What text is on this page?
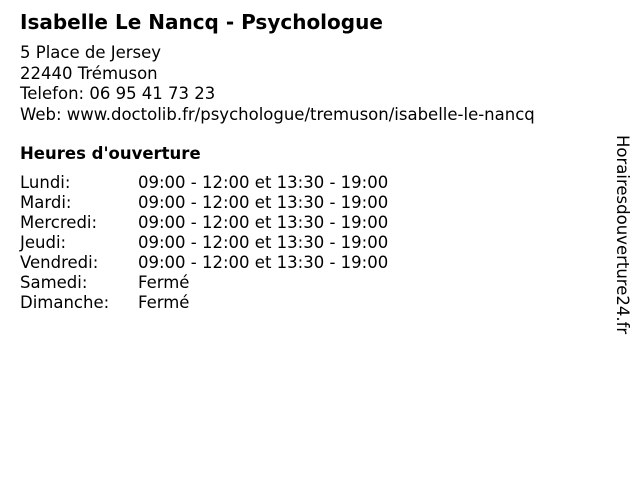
Isabelle Le Nancq - Psychologue
5 Place de Jersey
22440 Trémuson
Telefon: 06 95 41 73 23
Web: www.doctolib.fr/psychologue/tremuson/isabelle-le-nancq
Heures d'ouverture
Lundi:	09:00 - 12:00 et 13:30 - 19:00
Mardi:	09:00 - 12:00 et 13:30 - 19:00
Mercredi:	09:00 - 12:00 et 13:30 - 19:00
Jeudi:	09:00 - 12:00 et 13:30 - 19:00
Vendredi:	09:00 - 12:00 et 13:30 - 19:00
Samedi:	Fermé
Dimanche:	Fermé	Horairesdouverture24.fr
